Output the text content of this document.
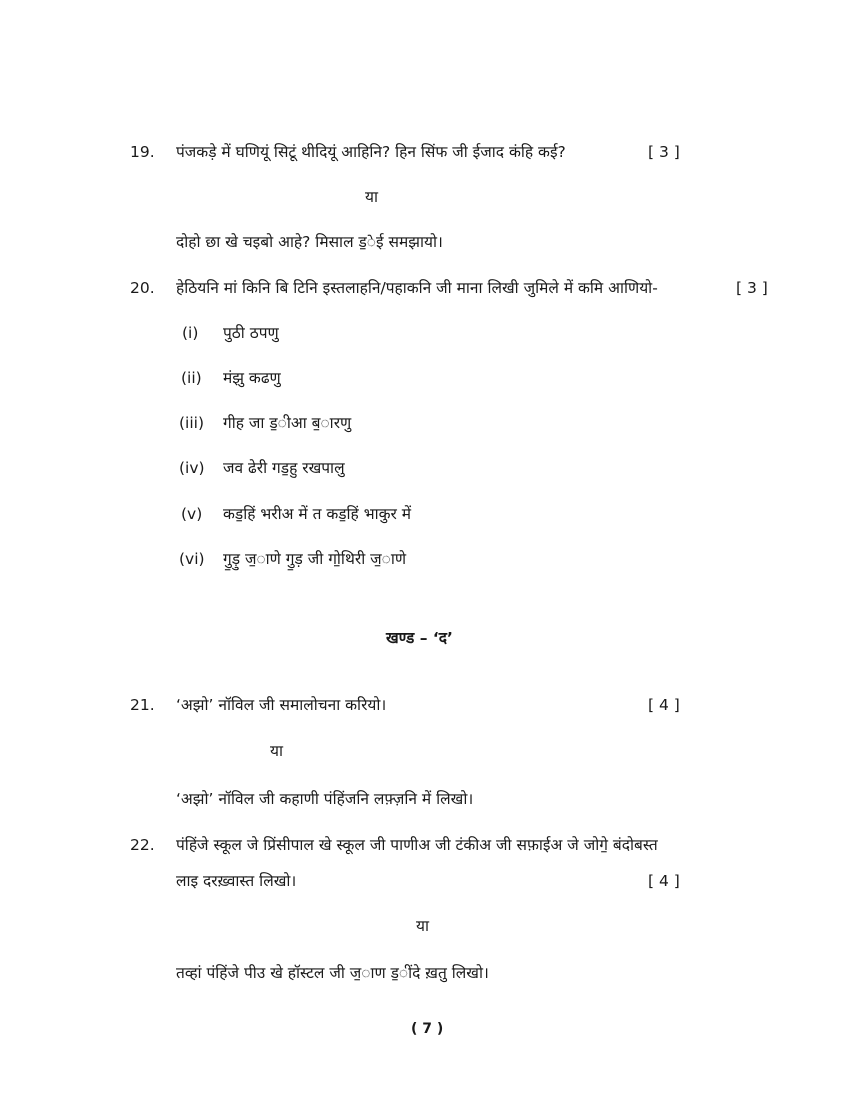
19. पंजकड़े में घणियूं सिटूं थीदियूं आहिनि? हिन सिंफ जी ईजाद कंहि कई?	[ 3 ]
या
दोहो छा खे चइबो आहे? मिसाल ड॒ेई समझायो।
20. हेठियनि मां किनि बि टिनि इस्तलाहनि/पहाकनि जी माना लिखी जुमिले में कमि आणियो-	[ 3 ]
(i) पुठी ठपणु
(ii) मंझु कढणु
(iii) गीह जा ड॒ीआ ब॒ारणु
(iv) जव ढेरी गड॒हु रखपालु
(v) कड॒हिं भरीअ में त कड॒हिं भाकुर में
(vi) गु॒ड़ु ज॒ाणे गु॒ड़ जी गो॒थिरी ज॒ाणे
खण्ड – ‘द’
21. ‘अझो’ नॉविल जी समालोचना करियो।	[ 4 ]
या
‘अझो’ नॉविल जी कहाणी पंहिंजनि लफ़्ज़नि में लिखो।
22. पंहिंजे स्कूल जे प्रिंसीपाल खे स्कूल जी पाणीअ जी टंकीअ जी सफ़ाईअ जे जोगे॒ बंदोबस्त
लाइ दरख़्वास्त लिखो।	[ 4 ]
या
तव्हां पंहिंजे पीउ खे हॉस्टल जी ज॒ाण ड॒ींदे ख़तु लिखो।
( 7 )
